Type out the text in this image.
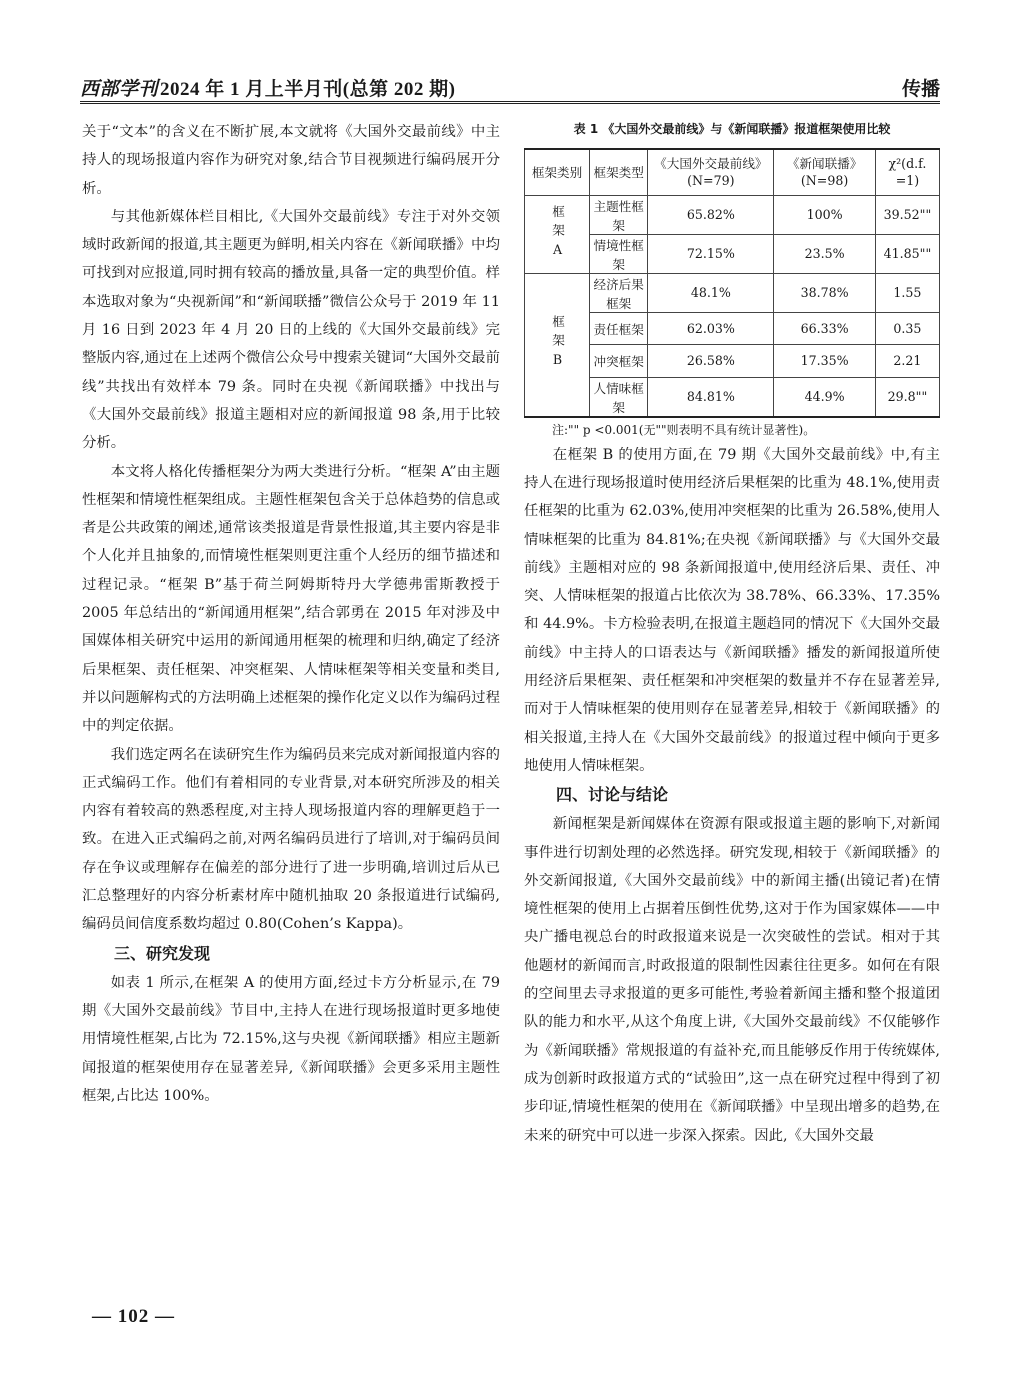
西部学刊 2024 年 1 月上半月刊(总第 202 期)	传播
关于“文本”的含义在不断扩展,本文就将《大国外交最前线》中主持人的现场报道内容作为研究对象,结合节目视频进行编码展开分析。
与其他新媒体栏目相比,《大国外交最前线》专注于对外交领域时政新闻的报道,其主题更为鲜明,相关内容在《新闻联播》中均可找到对应报道,同时拥有较高的播放量,具备一定的典型价值。样本选取对象为“央视新闻”和“新闻联播”微信公众号于 2019 年 11 月 16 日到 2023 年 4 月 20 日的上线的《大国外交最前线》完整版内容,通过在上述两个微信公众号中搜索关键词“大国外交最前线”共找出有效样本 79 条。同时在央视《新闻联播》中找出与《大国外交最前线》报道主题相对应的新闻报道 98 条,用于比较分析。
本文将人格化传播框架分为两大类进行分析。“框架 A”由主题性框架和情境性框架组成。主题性框架包含关于总体趋势的信息或者是公共政策的阐述,通常该类报道是背景性报道,其主要内容是非个人化并且抽象的,而情境性框架则更注重个人经历的细节描述和过程记录。“框架 B”基于荷兰阿姆斯特丹大学德弗雷斯教授于 2005 年总结出的“新闻通用框架”,结合郭勇在 2015 年对涉及中国媒体相关研究中运用的新闻通用框架的梳理和归纳,确定了经济后果框架、责任框架、冲突框架、人情味框架等相关变量和类目,并以问题解构式的方法明确上述框架的操作化定义以作为编码过程中的判定依据。
我们选定两名在读研究生作为编码员来完成对新闻报道内容的正式编码工作。他们有着相同的专业背景,对本研究所涉及的相关内容有着较高的熟悉程度,对主持人现场报道内容的理解更趋于一致。在进入正式编码之前,对两名编码员进行了培训,对于编码员间存在争议或理解存在偏差的部分进行了进一步明确,培训过后从已汇总整理好的内容分析素材库中随机抽取 20 条报道进行试编码,编码员间信度系数均超过 0.80(Cohen’s Kappa)。
三、研究发现
如表 1 所示,在框架 A 的使用方面,经过卡方分析显示,在 79 期《大国外交最前线》节目中,主持人在进行现场报道时更多地使用情境性框架,占比为 72.15%,这与央视《新闻联播》相应主题新闻报道的框架使用存在显著差异,《新闻联播》会更多采用主题性框架,占比达 100%。
表 1 《大国外交最前线》与《新闻联播》报道框架使用比较
框架类别	框架类型	《大国外交最前线》(N=79)	《新闻联播》(N=98)	χ²(d.f. =1)
框架A	主题性框架	65.82%	100%	39.52""
	情境性框架	72.15%	23.5%	41.85""
框架B	经济后果框架	48.1%	38.78%	1.55
	责任框架	62.03%	66.33%	0.35
	冲突框架	26.58%	17.35%	2.21
	人情味框架	84.81%	44.9%	29.8""
注:"" p <0.001(无""则表明不具有统计显著性)。
在框架 B 的使用方面,在 79 期《大国外交最前线》中,有主持人在进行现场报道时使用经济后果框架的比重为 48.1%,使用责任框架的比重为 62.03%,使用冲突框架的比重为 26.58%,使用人情味框架的比重为 84.81%;在央视《新闻联播》与《大国外交最前线》主题相对应的 98 条新闻报道中,使用经济后果、责任、冲突、人情味框架的报道占比依次为 38.78%、66.33%、17.35%和 44.9%。卡方检验表明,在报道主题趋同的情况下《大国外交最前线》中主持人的口语表达与《新闻联播》播发的新闻报道所使用经济后果框架、责任框架和冲突框架的数量并不存在显著差异,而对于人情味框架的使用则存在显著差异,相较于《新闻联播》的相关报道,主持人在《大国外交最前线》的报道过程中倾向于更多地使用人情味框架。
四、讨论与结论
新闻框架是新闻媒体在资源有限或报道主题的影响下,对新闻事件进行切割处理的必然选择。研究发现,相较于《新闻联播》的外交新闻报道,《大国外交最前线》中的新闻主播(出镜记者)在情境性框架的使用上占据着压倒性优势,这对于作为国家媒体——中央广播电视总台的时政报道来说是一次突破性的尝试。相对于其他题材的新闻而言,时政报道的限制性因素往往更多。如何在有限的空间里去寻求报道的更多可能性,考验着新闻主播和整个报道团队的能力和水平,从这个角度上讲,《大国外交最前线》不仅能够作为《新闻联播》常规报道的有益补充,而且能够反作用于传统媒体,成为创新时政报道方式的“试验田”,这一点在研究过程中得到了初步印证,情境性框架的使用在《新闻联播》中呈现出增多的趋势,在未来的研究中可以进一步深入探索。因此,《大国外交最
— 102 —
